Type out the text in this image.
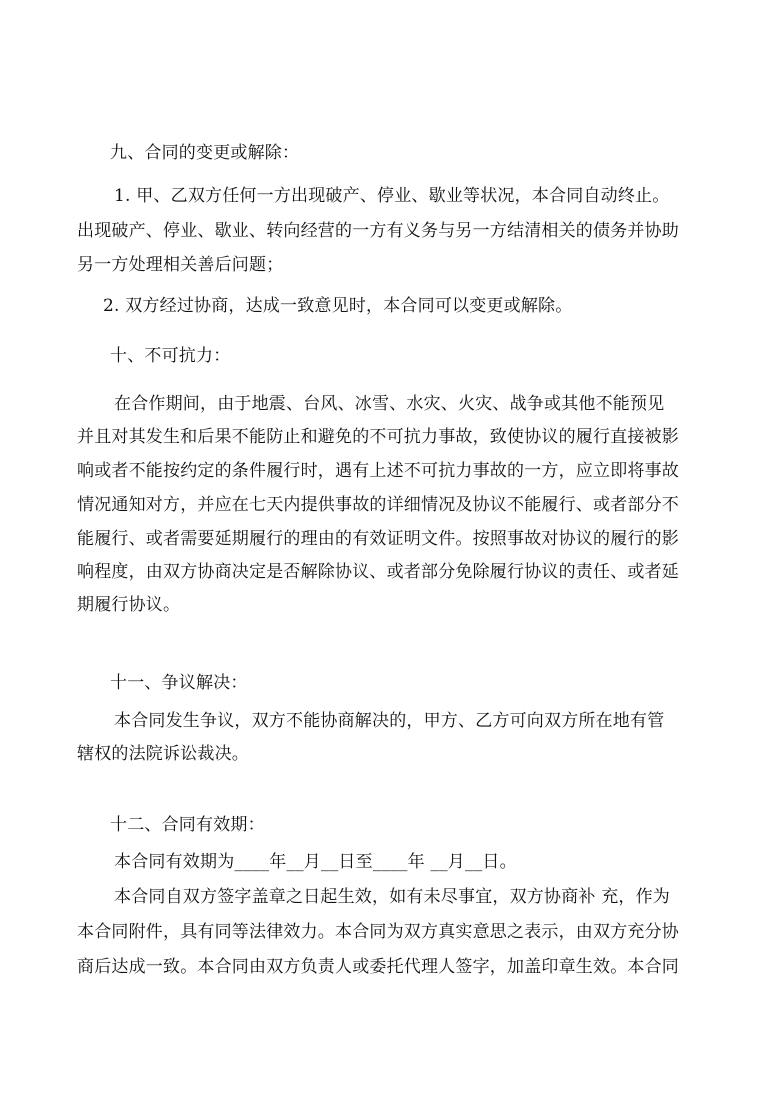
九、合同的变更或解除：
1. 甲、乙双方任何一方出现破产、停业、歇业等状况，本合同自动终止。
出现破产、停业、歇业、转向经营的一方有义务与另一方结清相关的债务并协助
另一方处理相关善后问题；
2. 双方经过协商，达成一致意见时，本合同可以变更或解除。
十、不可抗力：
在合作期间，由于地震、台风、冰雪、水灾、火灾、战争或其他不能预见
并且对其发生和后果不能防止和避免的不可抗力事故，致使协议的履行直接被影
响或者不能按约定的条件履行时，遇有上述不可抗力事故的一方，应立即将事故
情况通知对方，并应在七天内提供事故的详细情况及协议不能履行、或者部分不
能履行、或者需要延期履行的理由的有效证明文件。按照事故对协议的履行的影
响程度，由双方协商决定是否解除协议、或者部分免除履行协议的责任、或者延
期履行协议。
十一、争议解决：
本合同发生争议，双方不能协商解决的，甲方、乙方可向双方所在地有管
辖权的法院诉讼裁决。
十二、合同有效期：
本合同有效期为____年__月__日至____年 __月__日。
本合同自双方签字盖章之日起生效，如有未尽事宜，双方协商补 充，作为
本合同附件，具有同等法律效力。本合同为双方真实意思之表示，由双方充分协
商后达成一致。本合同由双方负责人或委托代理人签字，加盖印章生效。本合同
